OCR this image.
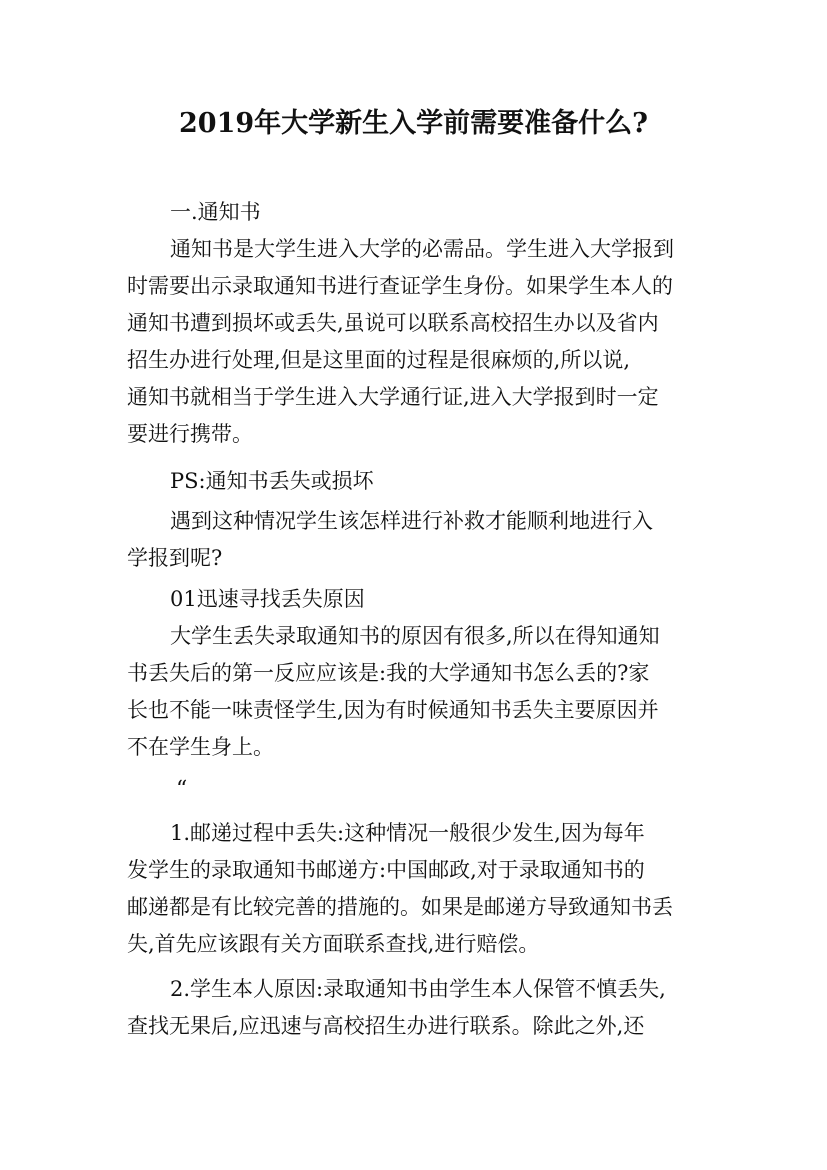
2019年大学新生入学前需要准备什么?
一.通知书
通知书是大学生进入大学的必需品。学生进入大学报到
时需要出示录取通知书进行查证学生身份。如果学生本人的
通知书遭到损坏或丢失,虽说可以联系高校招生办以及省内
招生办进行处理,但是这里面的过程是很麻烦的,所以说,
通知书就相当于学生进入大学通行证,进入大学报到时一定
要进行携带。
PS:通知书丢失或损坏
遇到这种情况学生该怎样进行补救才能顺利地进行入
学报到呢?
01迅速寻找丢失原因
大学生丢失录取通知书的原因有很多,所以在得知通知
书丢失后的第一反应应该是:我的大学通知书怎么丢的?家
长也不能一味责怪学生,因为有时候通知书丢失主要原因并
不在学生身上。
“
1.邮递过程中丢失:这种情况一般很少发生,因为每年
发学生的录取通知书邮递方:中国邮政,对于录取通知书的
邮递都是有比较完善的措施的。如果是邮递方导致通知书丢
失,首先应该跟有关方面联系查找,进行赔偿。
2.学生本人原因:录取通知书由学生本人保管不慎丢失,
查找无果后,应迅速与高校招生办进行联系。除此之外,还
